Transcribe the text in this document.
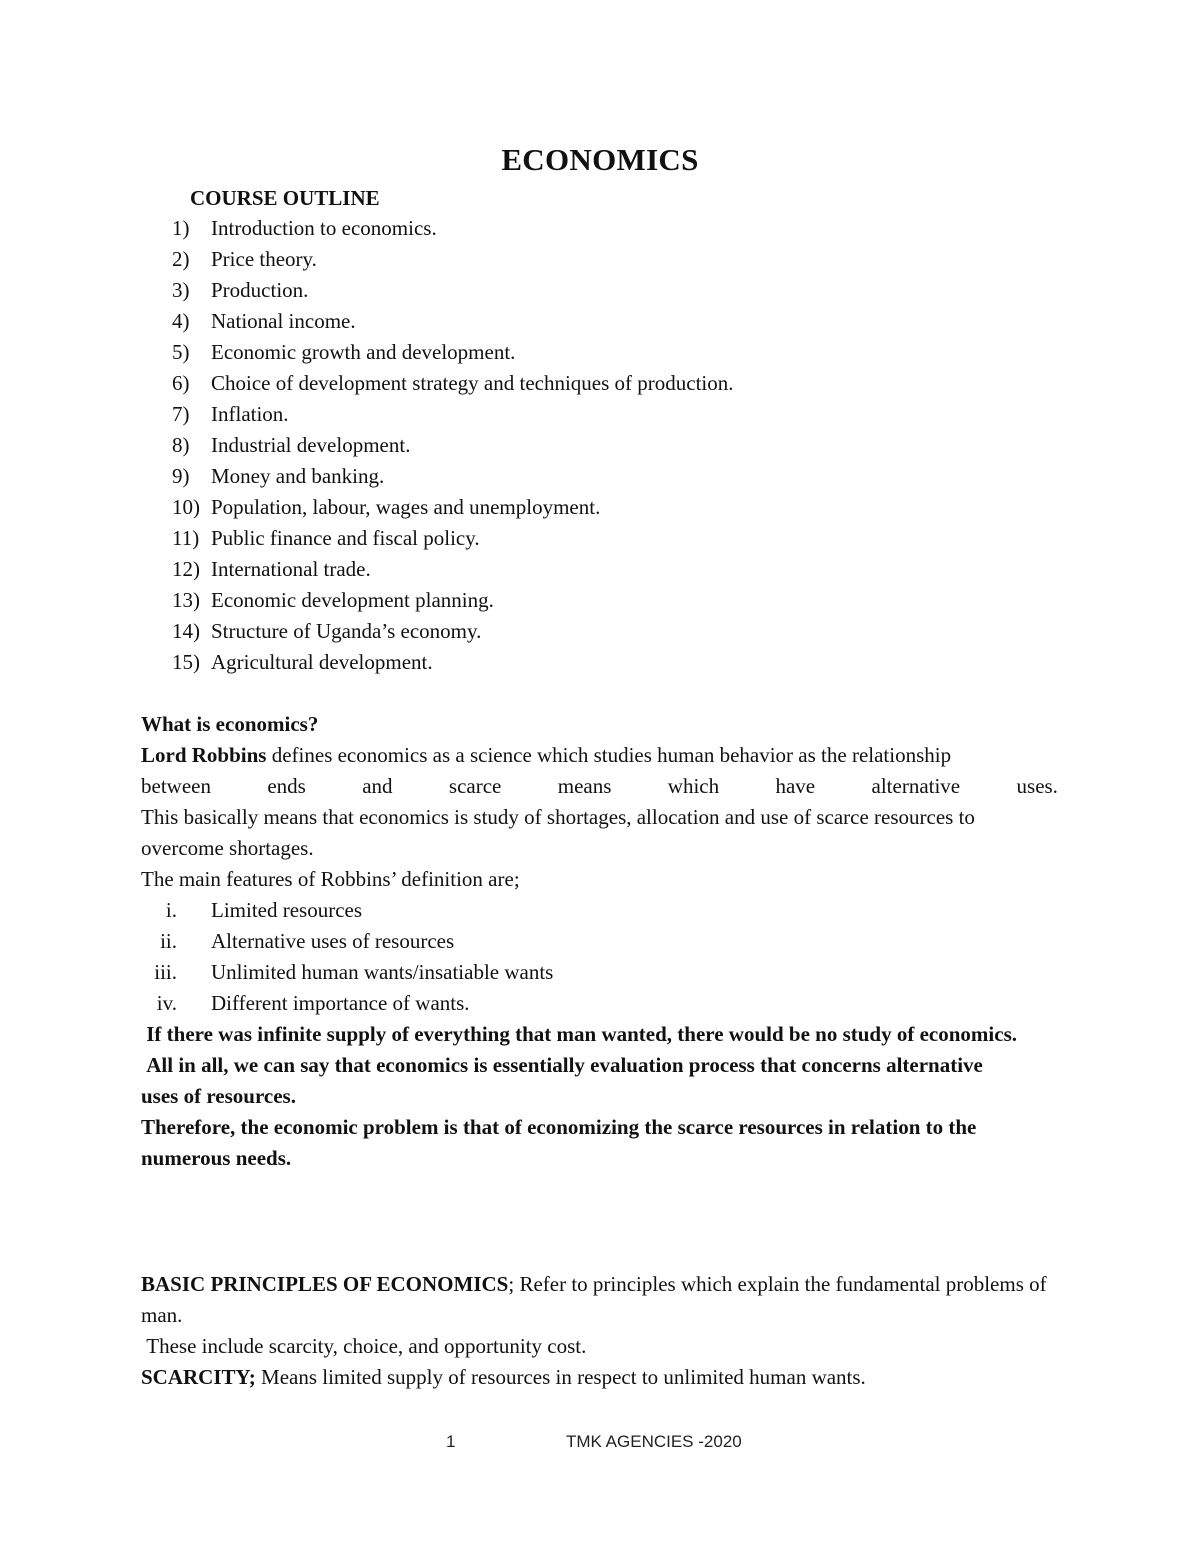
ECONOMICS
COURSE OUTLINE
1) Introduction to economics.
2) Price theory.
3) Production.
4) National income.
5) Economic growth and development.
6) Choice of development strategy and techniques of production.
7) Inflation.
8) Industrial development.
9) Money and banking.
10) Population, labour, wages and unemployment.
11) Public finance and fiscal policy.
12) International trade.
13) Economic development planning.
14) Structure of Uganda’s economy.
15) Agricultural development.

What is economics?

Lord Robbins defines economics as a science which studies human behavior as the relationship

between	ends	and	scarce	means	which	have	alternative	uses.

This basically means that economics is study of shortages, allocation and use of scarce resources to overcome shortages.

The main features of Robbins’ definition are;

i. Limited resources
ii. Alternative uses of resources
iii. Unlimited human wants/insatiable wants
iv. Different importance of wants.

If there was infinite supply of everything that man wanted, there would be no study of economics.

All in all, we can say that economics is essentially evaluation process that concerns alternative uses of resources.

Therefore, the economic problem is that of economizing the scarce resources in relation to the numerous needs.

BASIC PRINCIPLES OF ECONOMICS; Refer to principles which explain the fundamental problems of man.

These include scarcity, choice, and opportunity cost.

SCARCITY; Means limited supply of resources in respect to unlimited human wants.

1	TMK AGENCIES -2020
